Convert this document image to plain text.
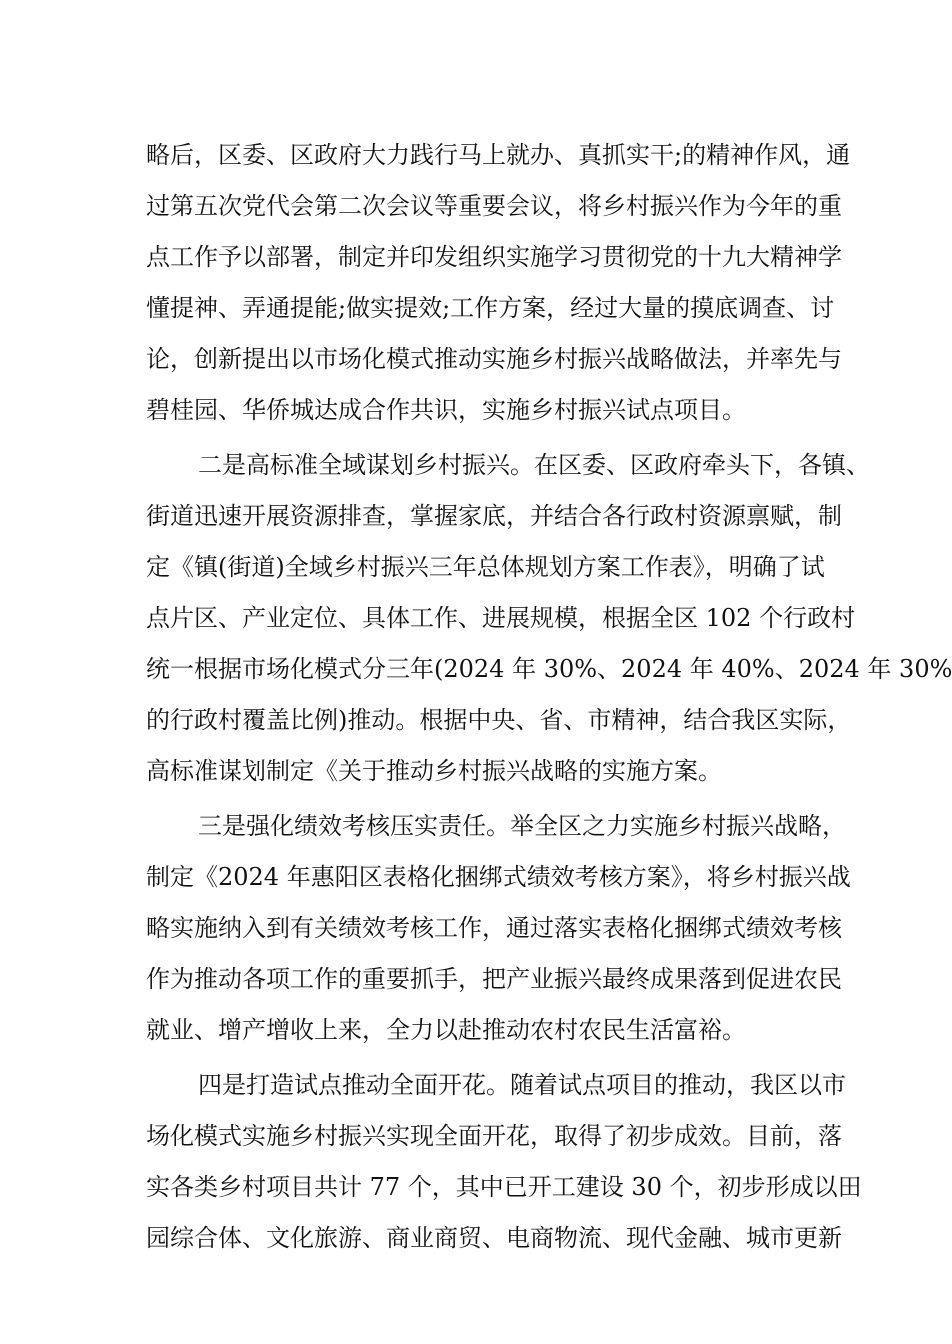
略后，区委、区政府大力践行马上就办、真抓实干;的精神作风，通
过第五次党代会第二次会议等重要会议，将乡村振兴作为今年的重
点工作予以部署，制定并印发组织实施学习贯彻党的十九大精神学
懂提神、弄通提能;做实提效;工作方案，经过大量的摸底调查、讨
论，创新提出以市场化模式推动实施乡村振兴战略做法，并率先与
碧桂园、华侨城达成合作共识，实施乡村振兴试点项目。
二是高标准全域谋划乡村振兴。在区委、区政府牵头下，各镇、
街道迅速开展资源排查，掌握家底，并结合各行政村资源禀赋，制
定《镇(街道)全域乡村振兴三年总体规划方案工作表》，明确了试
点片区、产业定位、具体工作、进展规模，根据全区 102 个行政村
统一根据市场化模式分三年(2024 年 30%、2024 年 40%、2024 年 30%
的行政村覆盖比例)推动。根据中央、省、市精神，结合我区实际，
高标准谋划制定《关于推动乡村振兴战略的实施方案。
三是强化绩效考核压实责任。举全区之力实施乡村振兴战略，
制定《2024 年惠阳区表格化捆绑式绩效考核方案》，将乡村振兴战
略实施纳入到有关绩效考核工作，通过落实表格化捆绑式绩效考核
作为推动各项工作的重要抓手，把产业振兴最终成果落到促进农民
就业、增产增收上来，全力以赴推动农村农民生活富裕。
四是打造试点推动全面开花。随着试点项目的推动，我区以市
场化模式实施乡村振兴实现全面开花，取得了初步成效。目前，落
实各类乡村项目共计 77 个，其中已开工建设 30 个，初步形成以田
园综合体、文化旅游、商业商贸、电商物流、现代金融、城市更新
